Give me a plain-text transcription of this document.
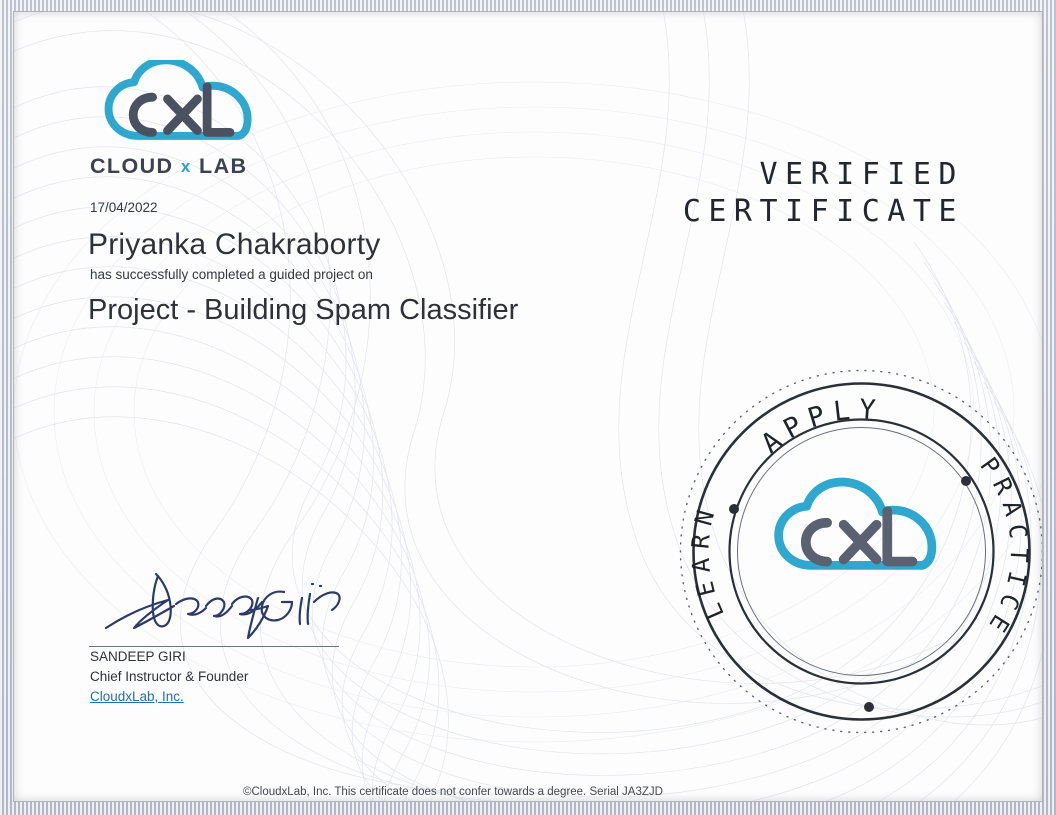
CLOUD x LAB	VERIFIED
CERTIFICATE
17/04/2022
Priyanka Chakraborty
has successfully completed a guided project on
Project - Building Spam Classifier
SANDEEP GIRI
Chief Instructor & Founder
CloudxLab, Inc.
APPLY
PRACTICE
LEARN
©CloudxLab, Inc. This certificate does not confer towards a degree. Serial JA3ZJD
